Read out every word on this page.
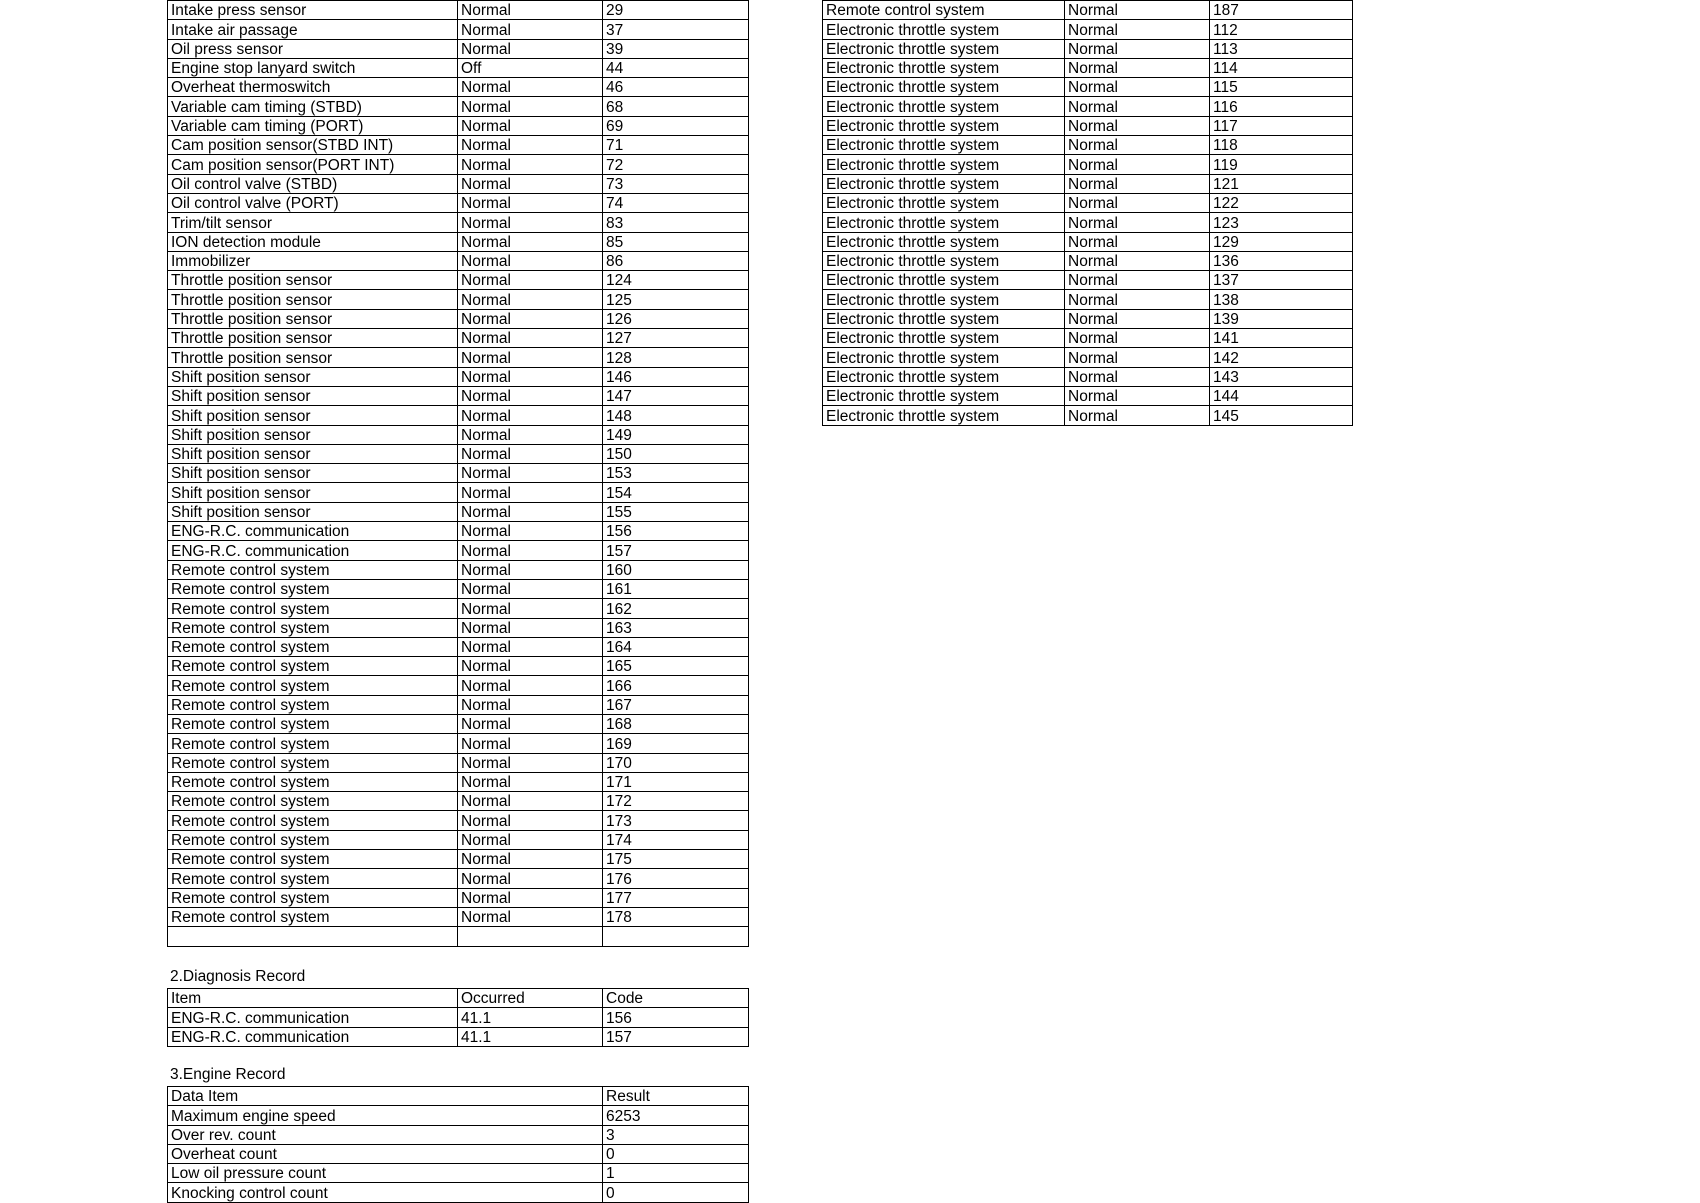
Intake press sensor	Normal	29
Intake air passage	Normal	37
Oil press sensor	Normal	39
Engine stop lanyard switch	Off	44
Overheat thermoswitch	Normal	46
Variable cam timing (STBD)	Normal	68
Variable cam timing (PORT)	Normal	69
Cam position sensor(STBD INT)	Normal	71
Cam position sensor(PORT INT)	Normal	72
Oil control valve (STBD)	Normal	73
Oil control valve (PORT)	Normal	74
Trim/tilt sensor	Normal	83
ION detection module	Normal	85
Immobilizer	Normal	86
Throttle position sensor	Normal	124
Throttle position sensor	Normal	125
Throttle position sensor	Normal	126
Throttle position sensor	Normal	127
Throttle position sensor	Normal	128
Shift position sensor	Normal	146
Shift position sensor	Normal	147
Shift position sensor	Normal	148
Shift position sensor	Normal	149
Shift position sensor	Normal	150
Shift position sensor	Normal	153
Shift position sensor	Normal	154
Shift position sensor	Normal	155
ENG-R.C. communication	Normal	156
ENG-R.C. communication	Normal	157
Remote control system	Normal	160
Remote control system	Normal	161
Remote control system	Normal	162
Remote control system	Normal	163
Remote control system	Normal	164
Remote control system	Normal	165
Remote control system	Normal	166
Remote control system	Normal	167
Remote control system	Normal	168
Remote control system	Normal	169
Remote control system	Normal	170
Remote control system	Normal	171
Remote control system	Normal	172
Remote control system	Normal	173
Remote control system	Normal	174
Remote control system	Normal	175
Remote control system	Normal	176
Remote control system	Normal	177
Remote control system	Normal	178

Remote control system	Normal	187
Electronic throttle system	Normal	112
Electronic throttle system	Normal	113
Electronic throttle system	Normal	114
Electronic throttle system	Normal	115
Electronic throttle system	Normal	116
Electronic throttle system	Normal	117
Electronic throttle system	Normal	118
Electronic throttle system	Normal	119
Electronic throttle system	Normal	121
Electronic throttle system	Normal	122
Electronic throttle system	Normal	123
Electronic throttle system	Normal	129
Electronic throttle system	Normal	136
Electronic throttle system	Normal	137
Electronic throttle system	Normal	138
Electronic throttle system	Normal	139
Electronic throttle system	Normal	141
Electronic throttle system	Normal	142
Electronic throttle system	Normal	143
Electronic throttle system	Normal	144
Electronic throttle system	Normal	145
2.Diagnosis Record
Item	Occurred	Code
ENG-R.C. communication	41.1	156
ENG-R.C. communication	41.1	157
3.Engine Record
Data Item	Result
Maximum engine speed	6253
Over rev. count	3
Overheat count	0
Low oil pressure count	1
Knocking control count	0
